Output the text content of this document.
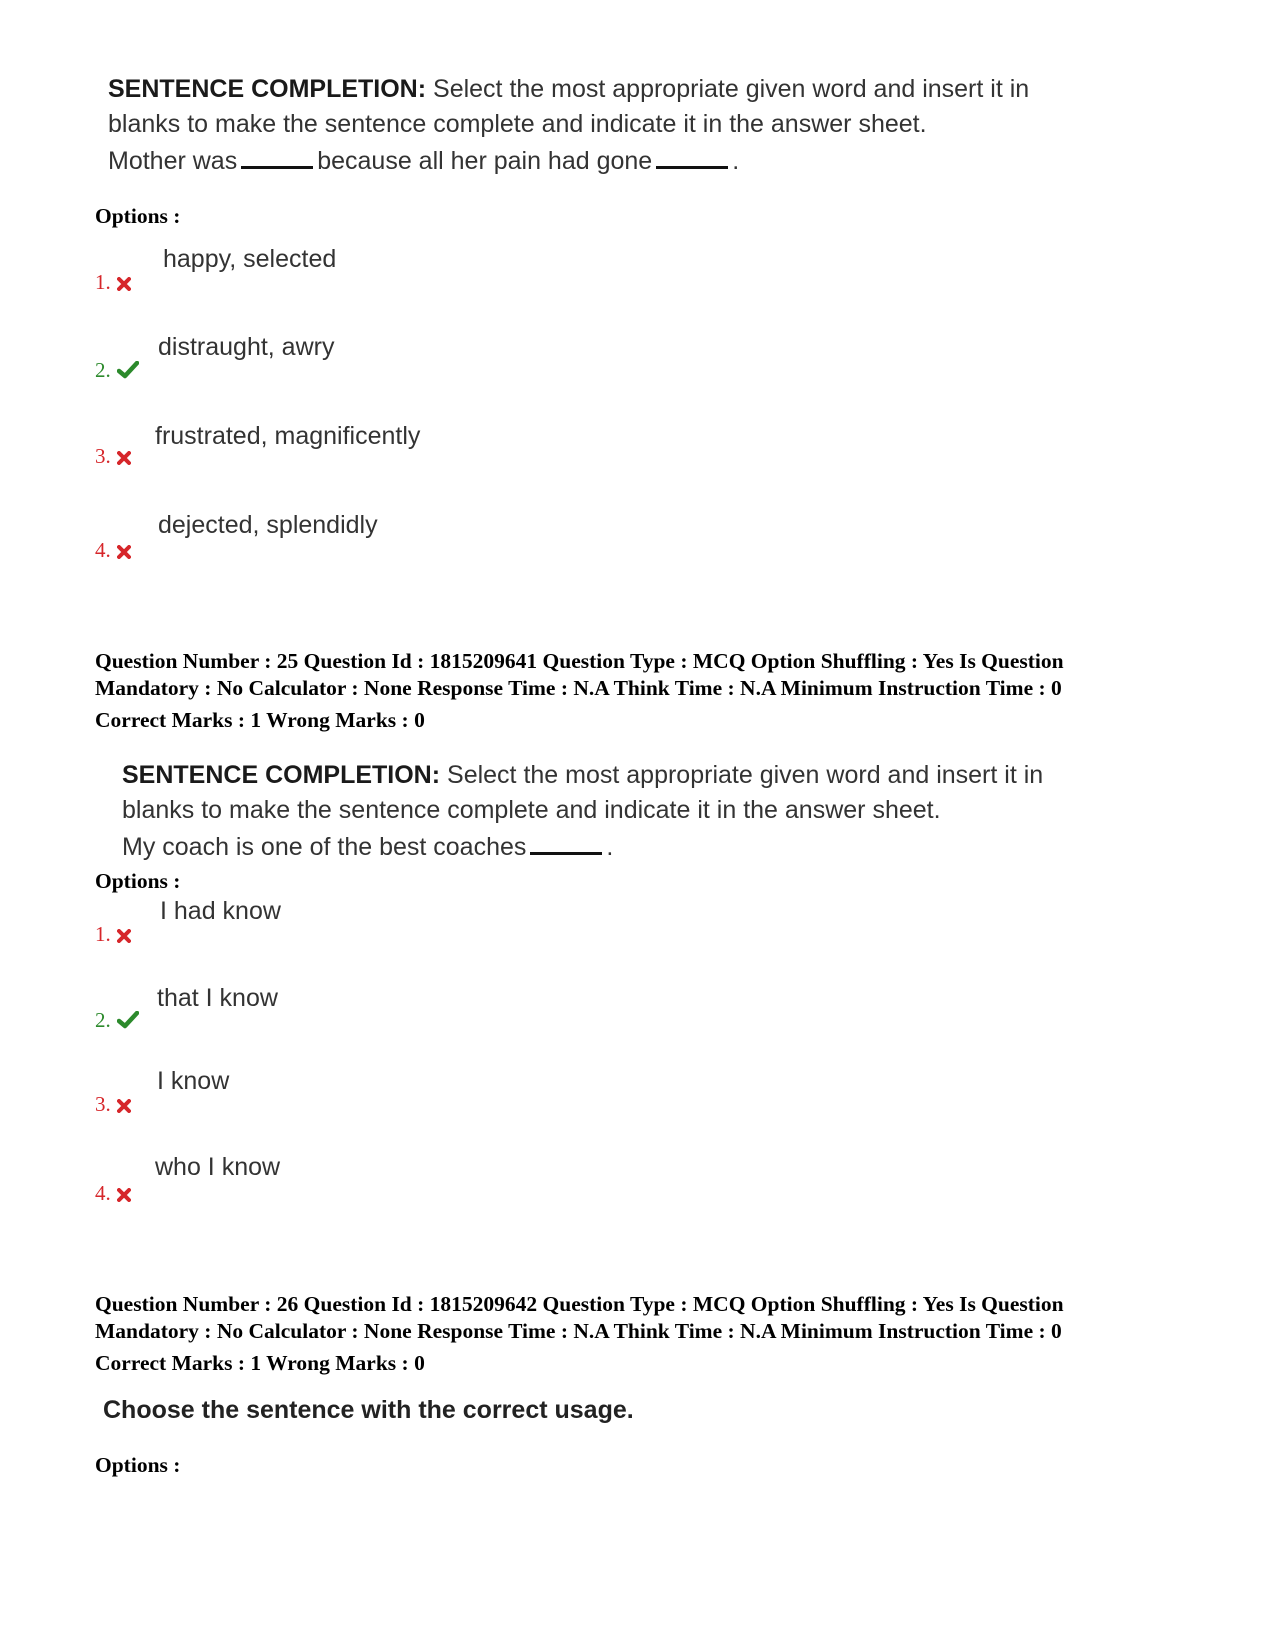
SENTENCE COMPLETION: Select the most appropriate given word and insert it in
blanks to make the sentence complete and indicate it in the answer sheet.
Mother was	because all her pain had gone	.
Options :
1.
happy, selected
2.
distraught, awry
3.
frustrated, magnificently
4.
dejected, splendidly
Question Number : 25 Question Id : 1815209641 Question Type : MCQ Option Shuffling : Yes Is Question
Mandatory : No Calculator : None Response Time : N.A Think Time : N.A Minimum Instruction Time : 0
Correct Marks : 1 Wrong Marks : 0
SENTENCE COMPLETION: Select the most appropriate given word and insert it in
blanks to make the sentence complete and indicate it in the answer sheet.
My coach is one of the best coaches	.
Options :
1.
I had know
2.
that I know
3.
I know
4.
who I know
Question Number : 26 Question Id : 1815209642 Question Type : MCQ Option Shuffling : Yes Is Question
Mandatory : No Calculator : None Response Time : N.A Think Time : N.A Minimum Instruction Time : 0
Correct Marks : 1 Wrong Marks : 0
Choose the sentence with the correct usage.
Options :
